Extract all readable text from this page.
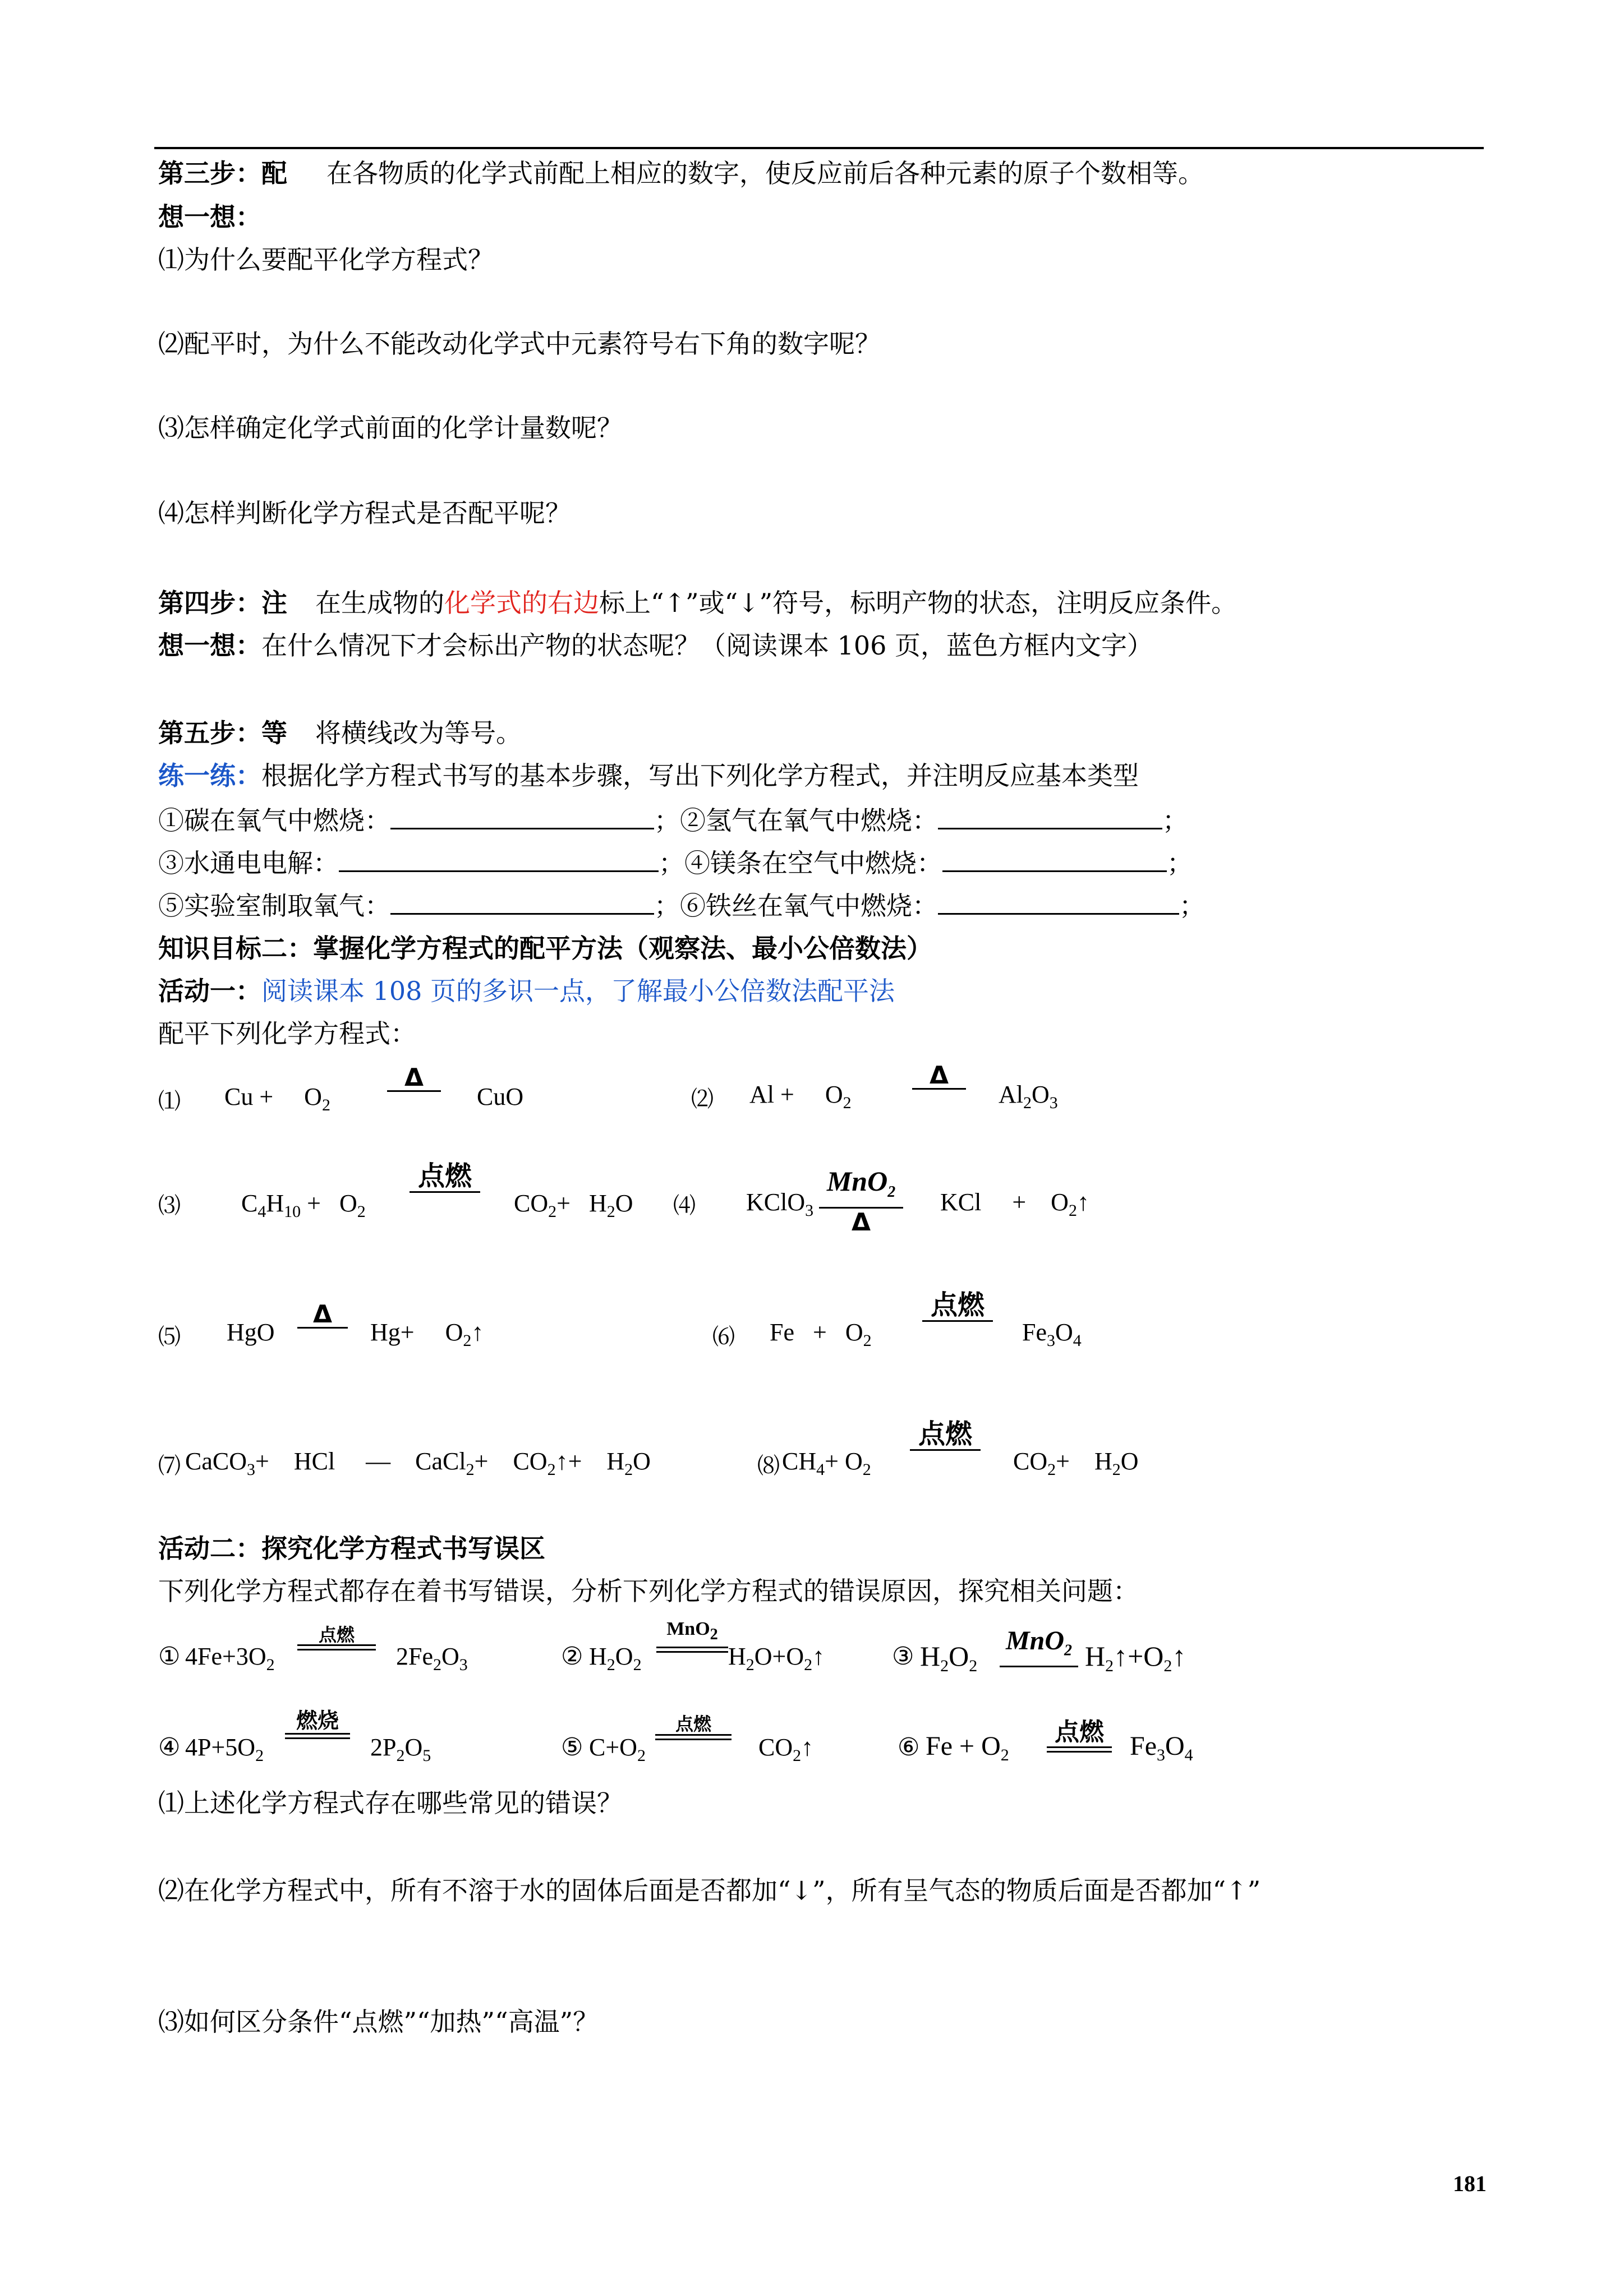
第三步：配 在各物质的化学式前配上相应的数字，使反应前后各种元素的原子个数相等。
想一想：
⑴为什么要配平化学方程式？
⑵配平时，为什么不能改动化学式中元素符号右下角的数字呢？
⑶怎样确定化学式前面的化学计量数呢？
⑷怎样判断化学方程式是否配平呢？
第四步：注 在生成物的化学式的右边标上“↑”或“↓”符号，标明产物的状态，注明反应条件。
想一想：在什么情况下才会标出产物的状态呢？（阅读课本 106 页，蓝色方框内文字）
第五步：等 将横线改为等号。
练一练：根据化学方程式书写的基本步骤，写出下列化学方程式，并注明反应基本类型
①碳在氧气中燃烧：	；②氢气在氧气中燃烧：	；
③水通电电解：	；④镁条在空气中燃烧：	；
⑤实验室制取氧气：	；⑥铁丝在氧气中燃烧：	；
知识目标二：掌握化学方程式的配平方法（观察法、最小公倍数法）
活动一：阅读课本 108 页的多识一点，了解最小公倍数法配平法
配平下列化学方程式：
⑴ Cu +     $O_2$
Δ
CuO	⑵ Al +     $O_2$
Δ
$Al_2O_3$
⑶ $C_4H_{10} + O_2$
点燃
$CO_2+ H_2O$ ⑷ KClO$_3$
MnO$_2$
Δ
KCl     +    $O_2↑$
⑸ HgO
Δ
Hg+     $O_2↑$	⑹ $Fe + O_2$
点燃
$Fe_3O_4$
⑺ CaCO$_3$+    HCl     —    CaCl$_2$+    $CO_2↑+$    $H_2O$	⑻ $CH_4+ O_2$
点燃
$CO_2+$    $H_2O$
活动二：探究化学方程式书写误区
下列化学方程式都存在着书写错误，分析下列化学方程式的错误原因，探究相关问题：
① $4Fe+3O_2$
点燃
$2Fe_2O_3$	② $H_2O_2$
MnO$_2$
$H_2O+O_2↑$	③ $H_2O_2$
MnO$_2$ $H_2↑+O_2↑$
④ $4P+5O_2$
燃烧
$2P_2O_5$	⑤ $C+O_2$
点燃
$CO_2↑$	⑥ $Fe + O_2$
点燃 $Fe_3O_4$
⑴上述化学方程式存在哪些常见的错误？
⑵在化学方程式中，所有不溶于水的固体后面是否都加“↓”，所有呈气态的物质后面是否都加“↑”
⑶如何区分条件“点燃”“加热”“高温”？
181
